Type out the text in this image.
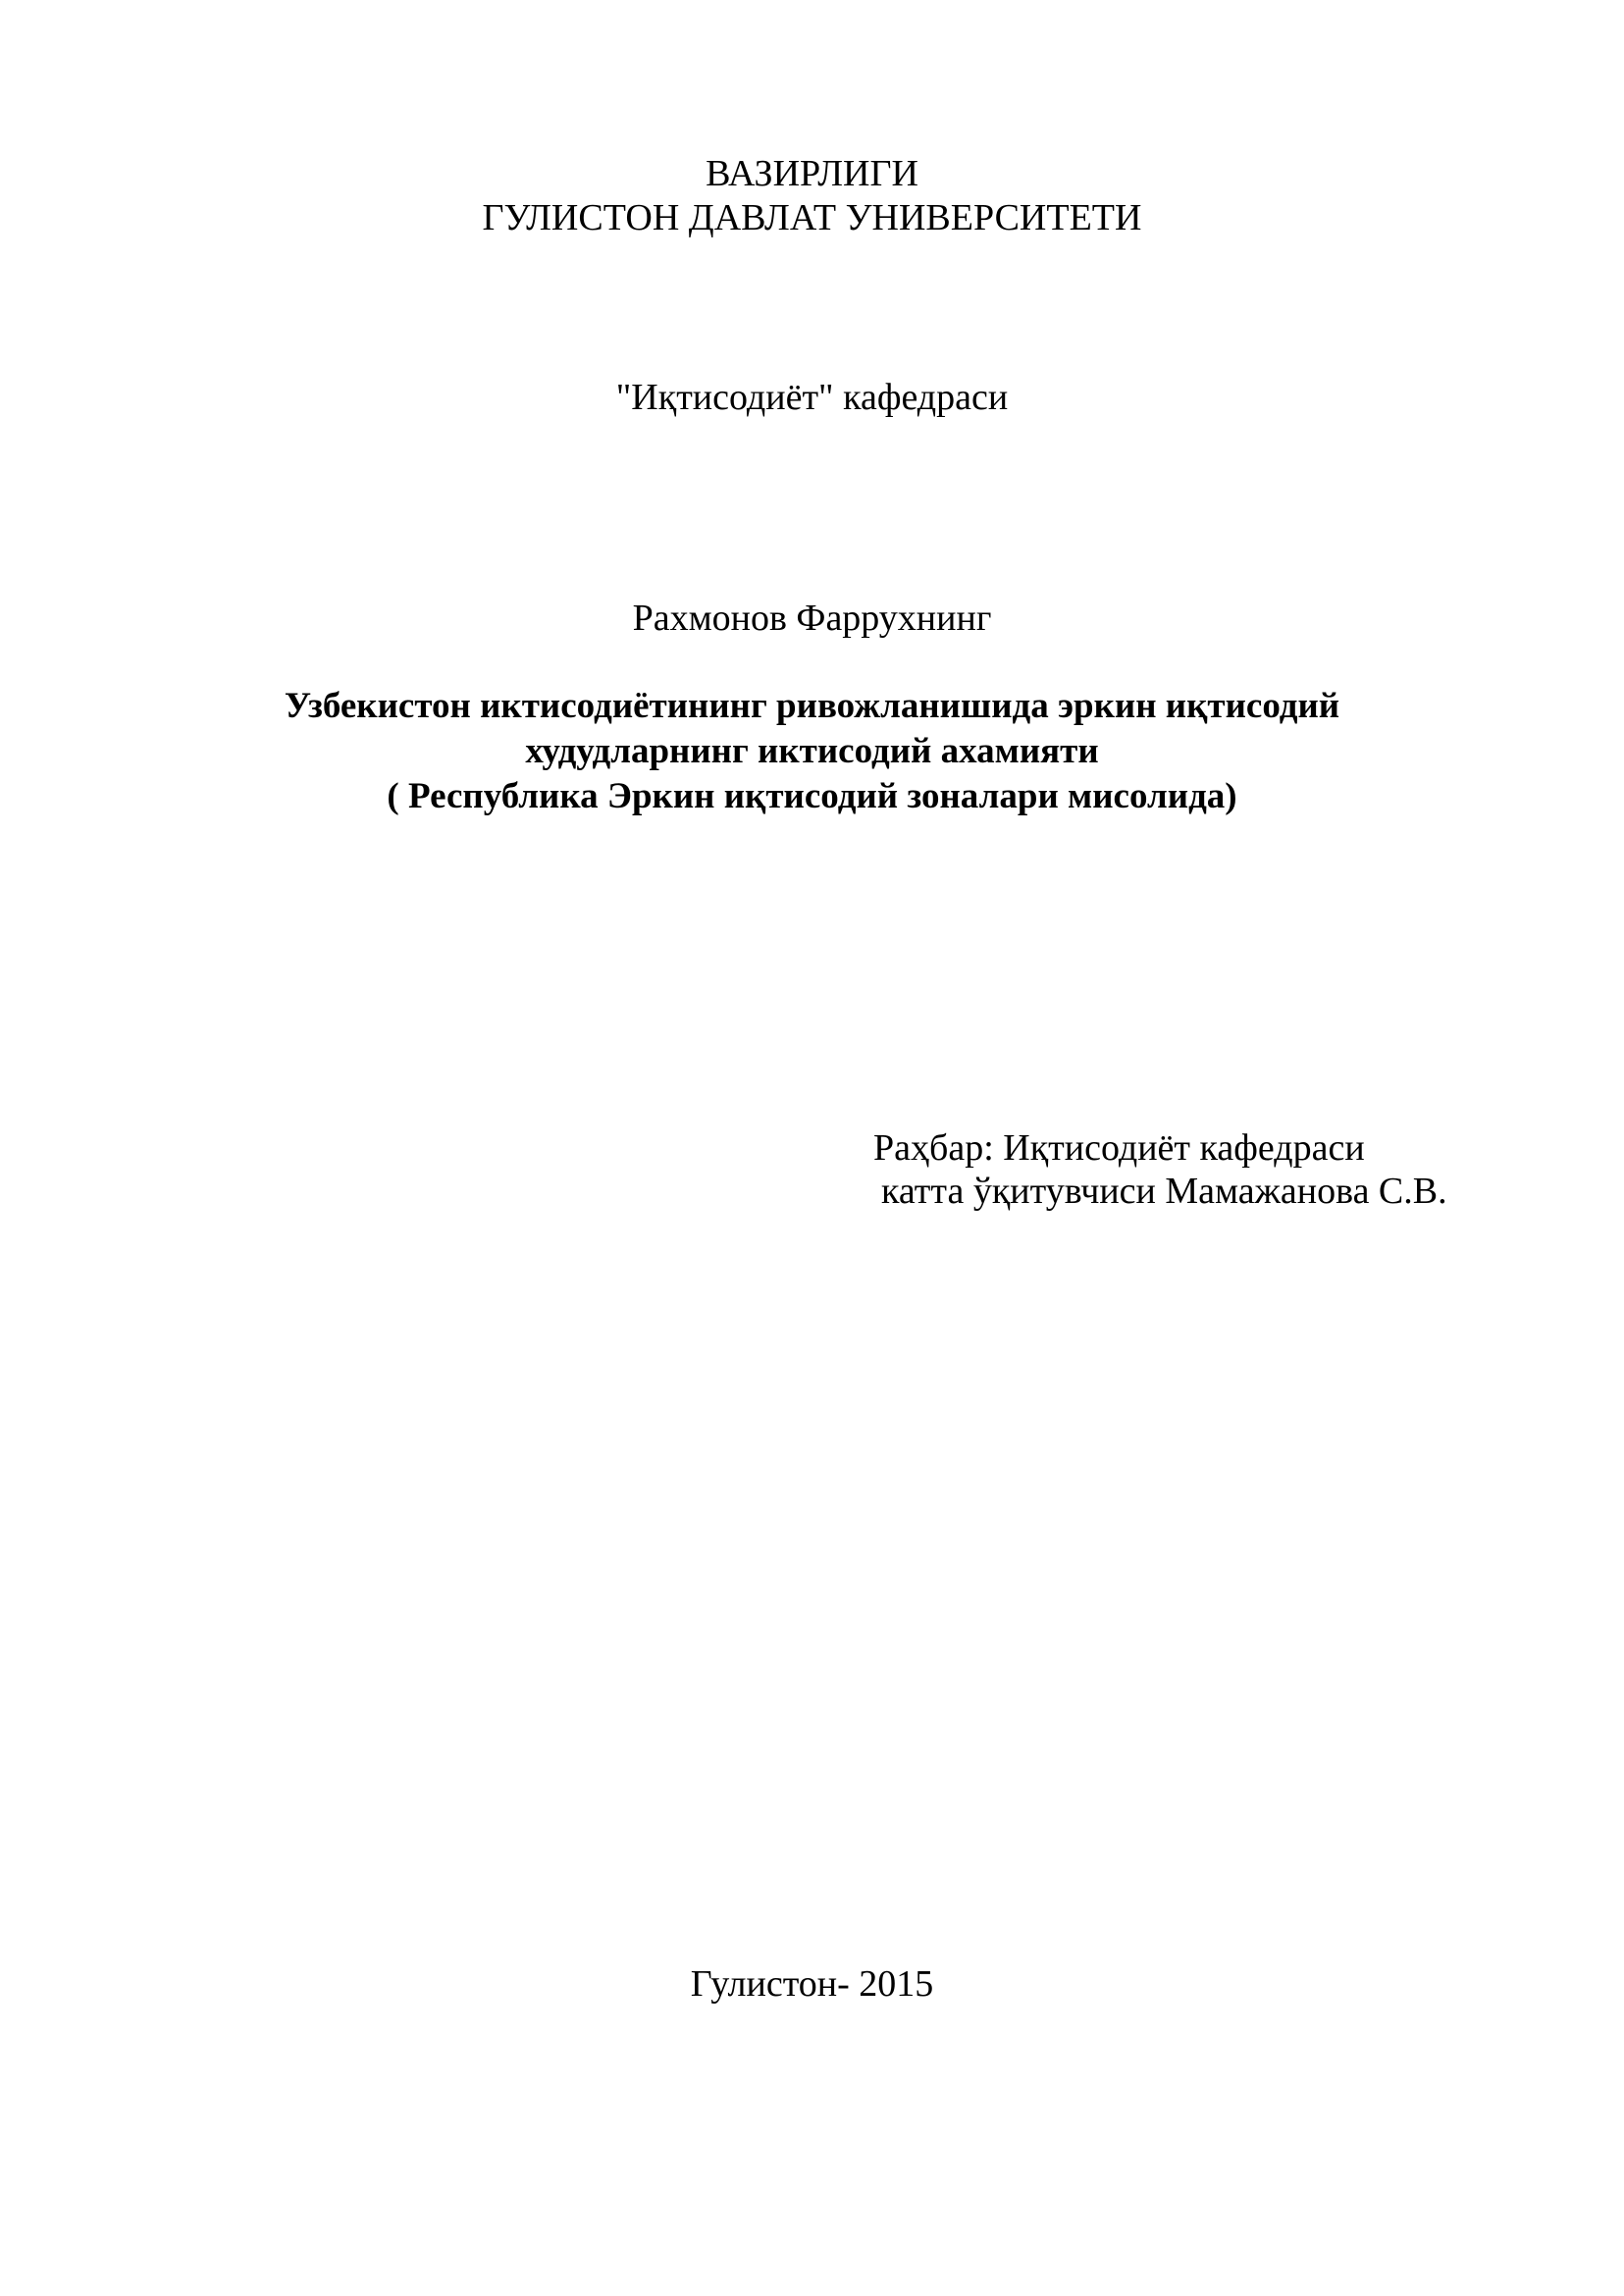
ВАЗИРЛИГИ
ГУЛИСТОН ДАВЛАТ УНИВЕРСИТЕТИ
"Иқтисодиёт" кафедраси
Рахмонов Фаррухнинг
Узбекистон иктисодиётининг ривожланишида эркин иқтисодий
худудларнинг иктисодий ахамияти
( Республика Эркин иқтисодий зоналари мисолида)
Раҳбар: Иқтисодиёт кафедраси
катта ўқитувчиси Мамажанова С.В.
Гулистон- 2015
